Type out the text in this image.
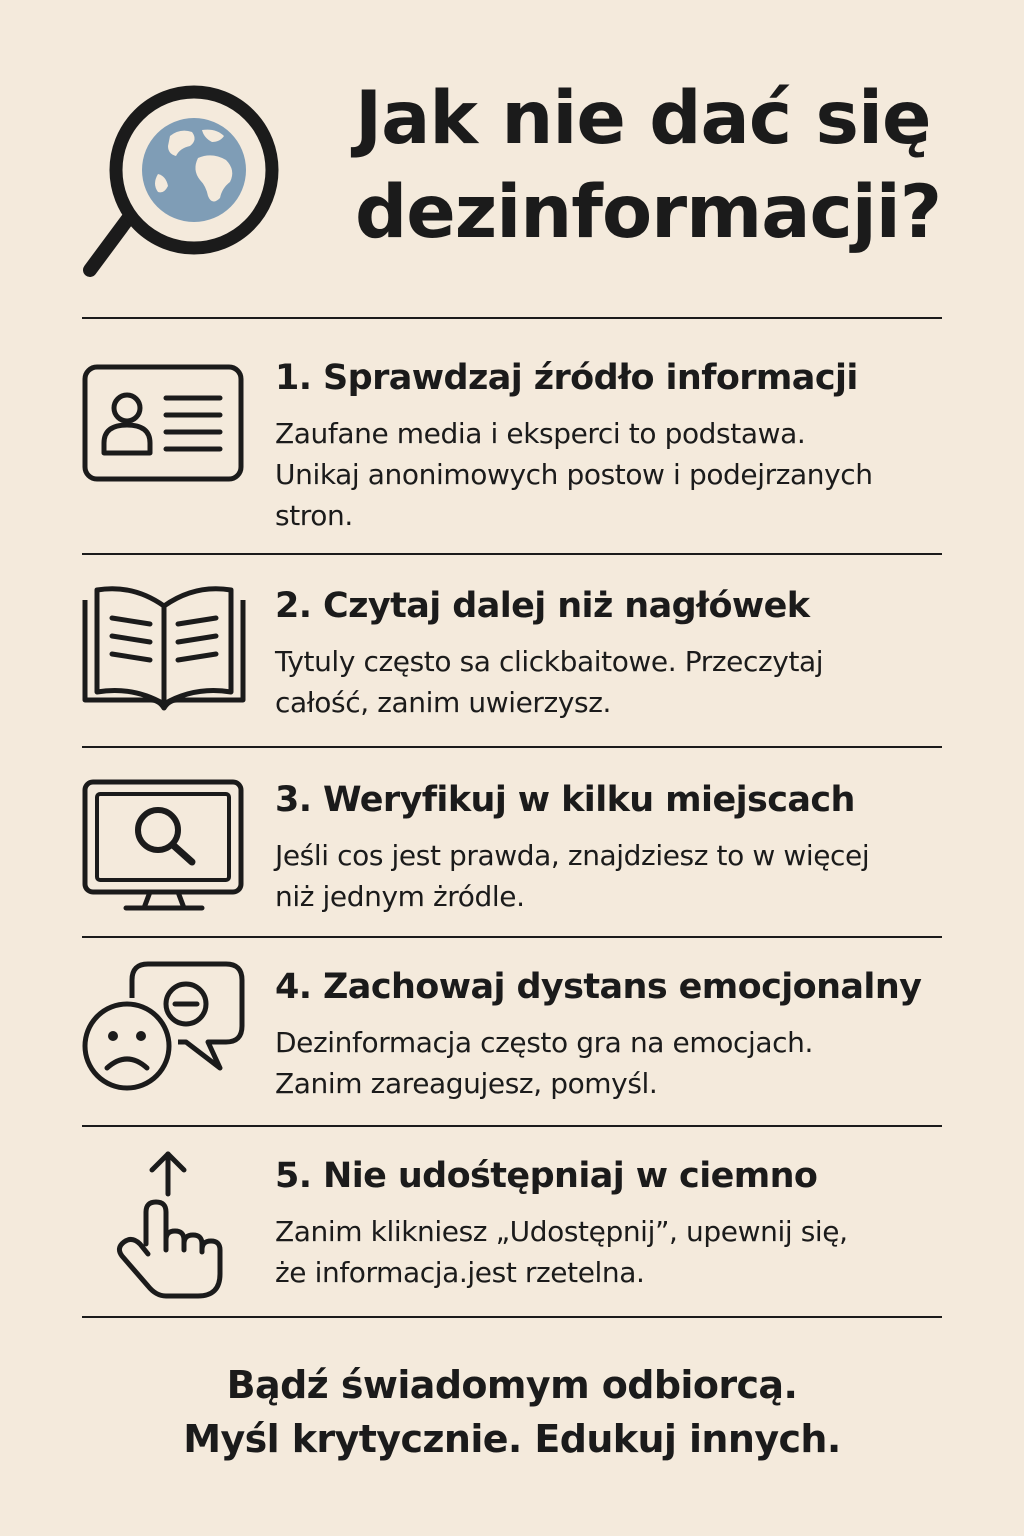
Jak nie dać się
dezinformacji?
1. Sprawdzaj źródło informacji

Zaufane media i eksperci to podstawa.
Unikaj anonimowych postow i podejrzanych
stron.

2. Czytaj dalej niż nagłówek

Tytuly często sa clickbaitowe. Przeczytaj
całość, zanim uwierzysz.

3. Weryfikuj w kilku miejscach

Jeśli cos jest prawda, znajdziesz to w więcej
niż jednym żródle.

4. Zachowaj dystans emocjonalny

Dezinformacja często gra na emocjach.
Zanim zareagujesz, pomyśl.

5. Nie udośtępniaj w ciemno

Zanim klikniesz „Udostępnij”, upewnij się,
że informacja.jest rzetelna.

Bądź świadomym odbiorcą.
Myśl krytycznie. Edukuj innych.
